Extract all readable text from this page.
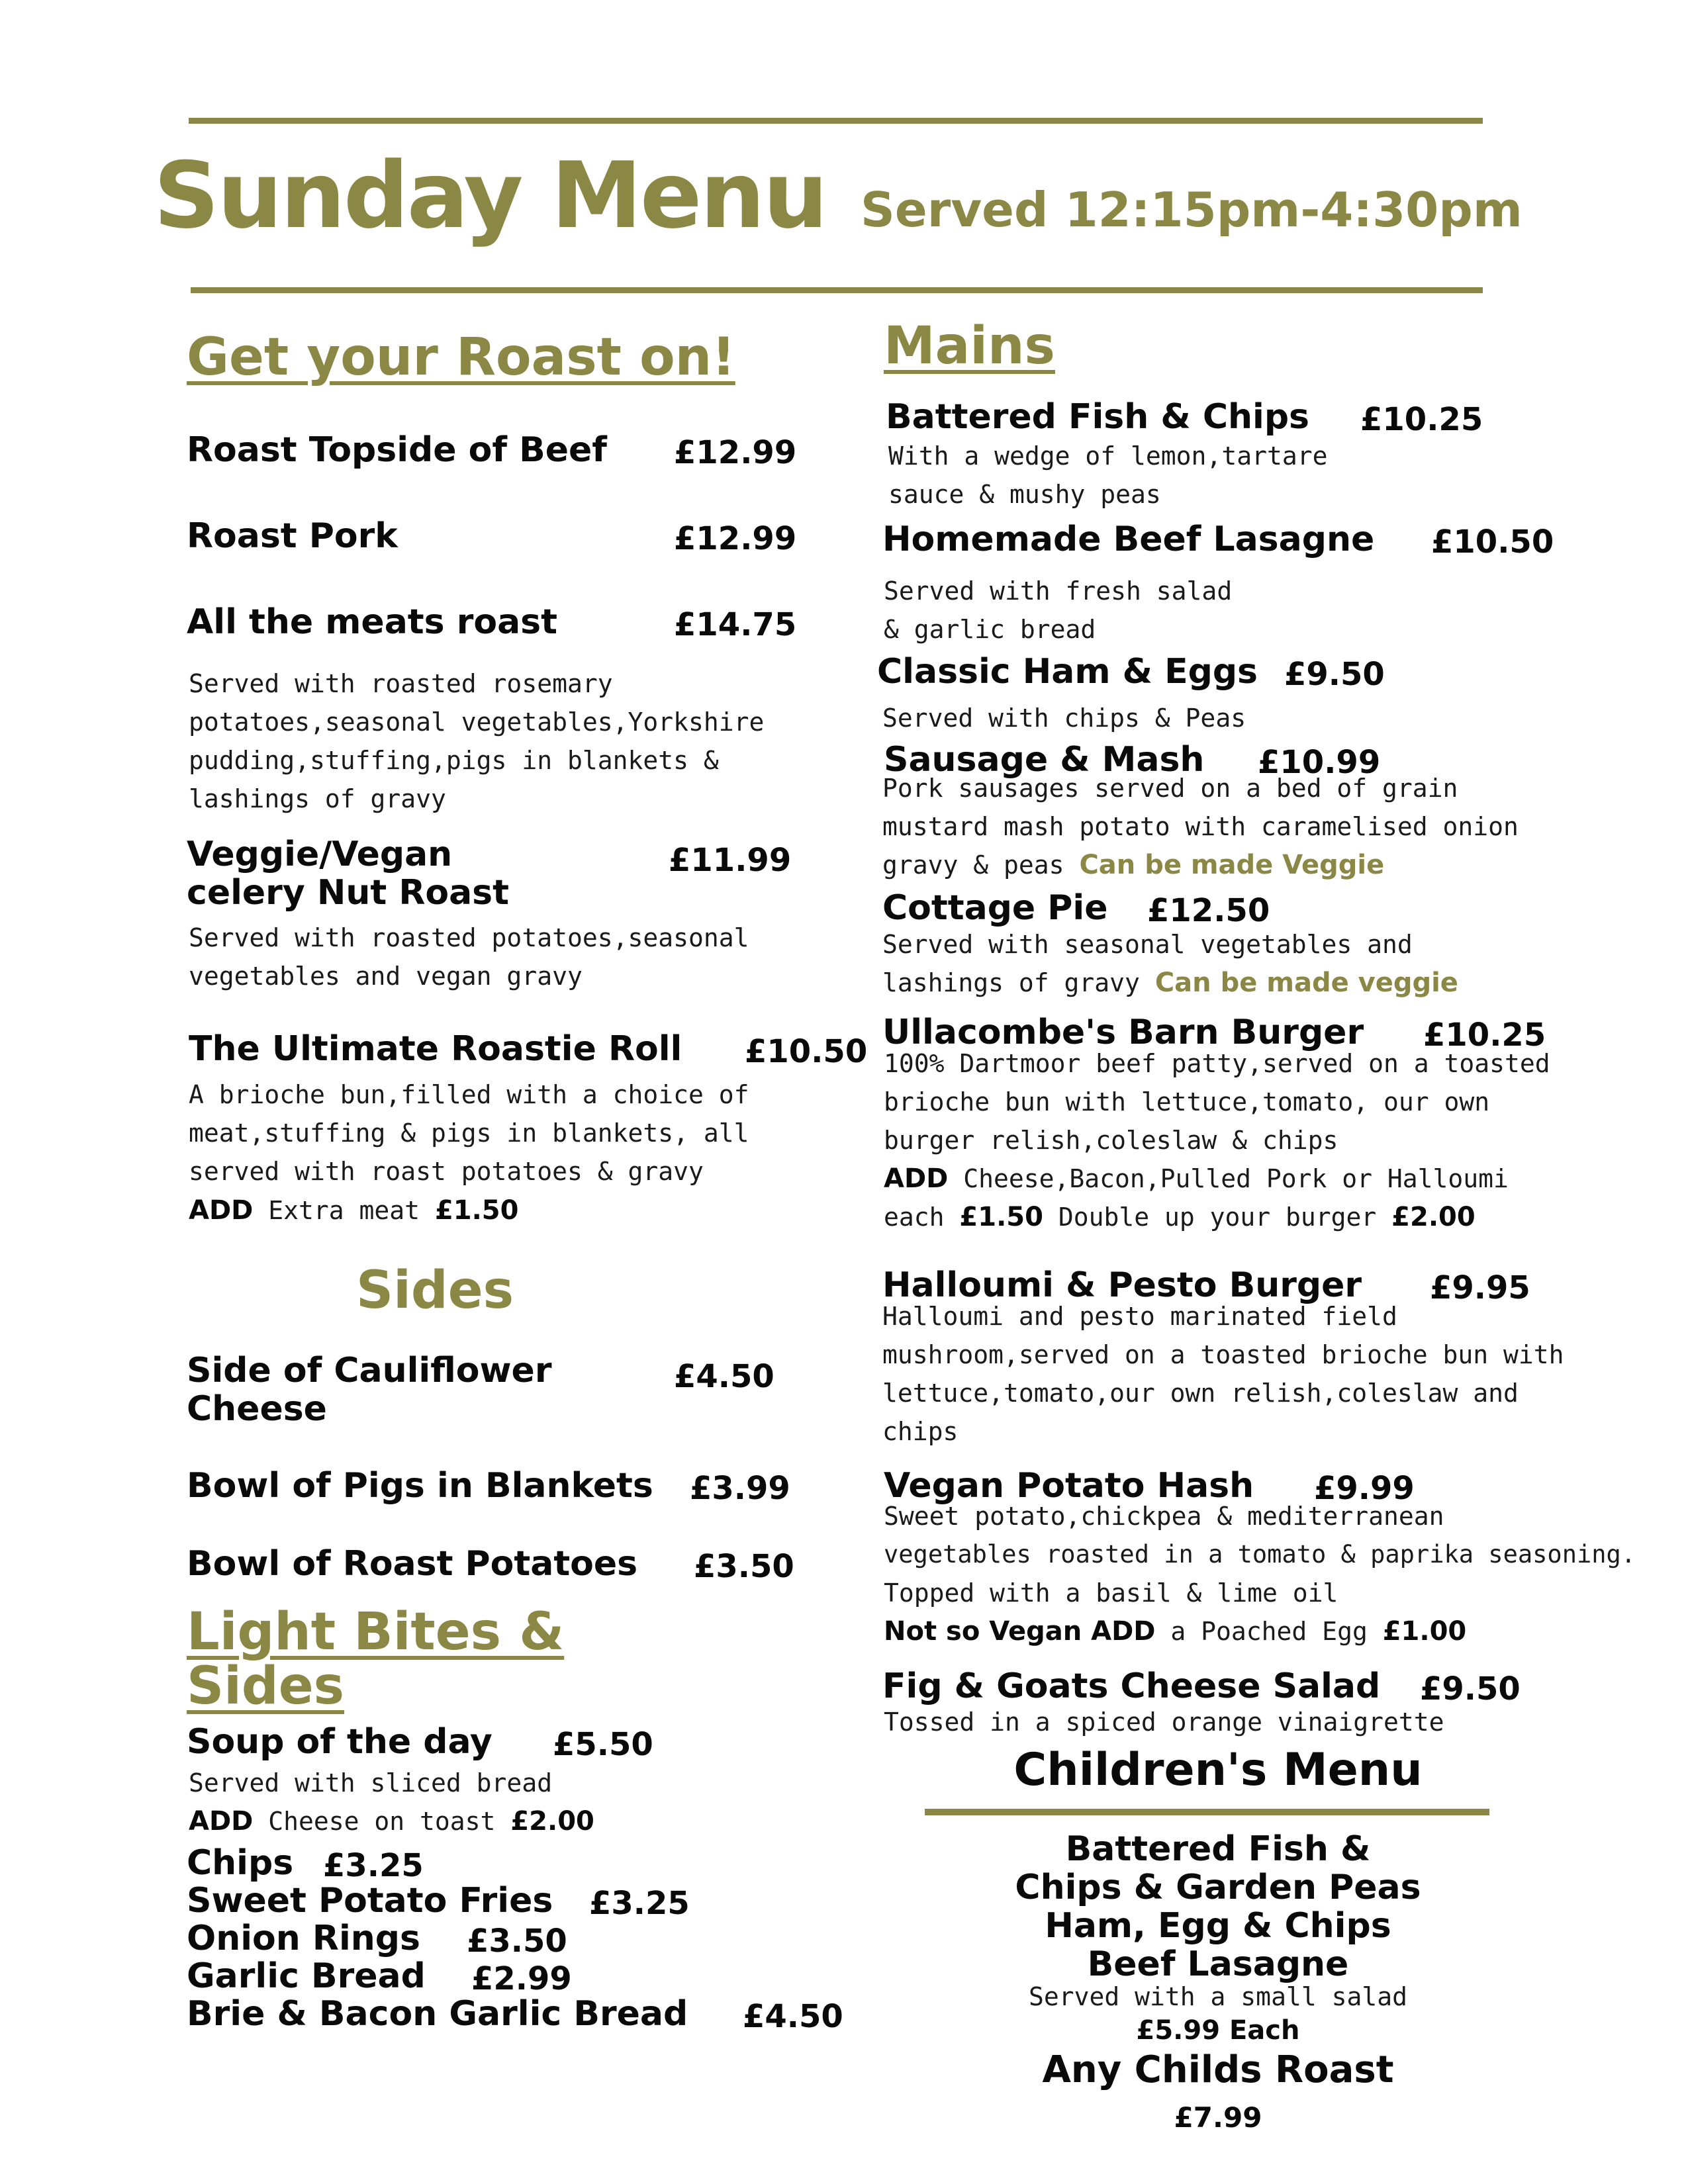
Sunday Menu Served 12:15pm-4:30pm
Get your Roast on!
Roast Topside of Beef £12.99
Roast Pork	£12.99
All the meats roast	£14.75
Served with roasted rosemary
potatoes,seasonal vegetables,Yorkshire
pudding,stuffing,pigs in blankets &
lashings of gravy
Veggie/Vegan
celery Nut Roast
£11.99
Served with roasted potatoes,seasonal
vegetables and vegan gravy
The Ultimate Roastie Roll £10.50
A brioche bun,filled with a choice of
meat,stuffing & pigs in blankets, all
served with roast potatoes & gravy
ADD Extra meat £1.50
Sides
Side of Cauliflower
Cheese
£4.50
Bowl of Pigs in Blankets £3.99
Bowl of Roast Potatoes £3.50
Light Bites &
Sides
Soup of the day £5.50
Served with sliced bread
ADD Cheese on toast £2.00
Chips £3.25
Sweet Potato Fries £3.25
Onion Rings £3.50
Garlic Bread £2.99
Brie & Bacon Garlic Bread £4.50
Mains
Battered Fish & Chips £10.25
With a wedge of lemon,tartare
sauce & mushy peas
Homemade Beef Lasagne £10.50
Served with fresh salad
& garlic bread
Classic Ham & Eggs £9.50
Served with chips & Peas
Sausage & Mash £10.99
Pork sausages served on a bed of grain
mustard mash potato with caramelised onion
gravy & peas Can be made Veggie
Cottage Pie £12.50
Served with seasonal vegetables and
lashings of gravy Can be made veggie
Ullacombe's Barn Burger £10.25
100% Dartmoor beef patty,served on a toasted
brioche bun with lettuce,tomato, our own
burger relish,coleslaw & chips
ADD Cheese,Bacon,Pulled Pork or Halloumi
each £1.50 Double up your burger £2.00
Halloumi & Pesto Burger £9.95
Halloumi and pesto marinated field
mushroom,served on a toasted brioche bun with
lettuce,tomato,our own relish,coleslaw and
chips
Vegan Potato Hash £9.99
Sweet potato,chickpea & mediterranean
vegetables roasted in a tomato & paprika seasoning.
Topped with a basil & lime oil
Not so Vegan ADD a Poached Egg £1.00
Fig & Goats Cheese Salad £9.50
Tossed in a spiced orange vinaigrette
Children's Menu
Battered Fish &
Chips & Garden Peas
Ham, Egg & Chips
Beef Lasagne
Served with a small salad
£5.99 Each
Any Childs Roast
£7.99
